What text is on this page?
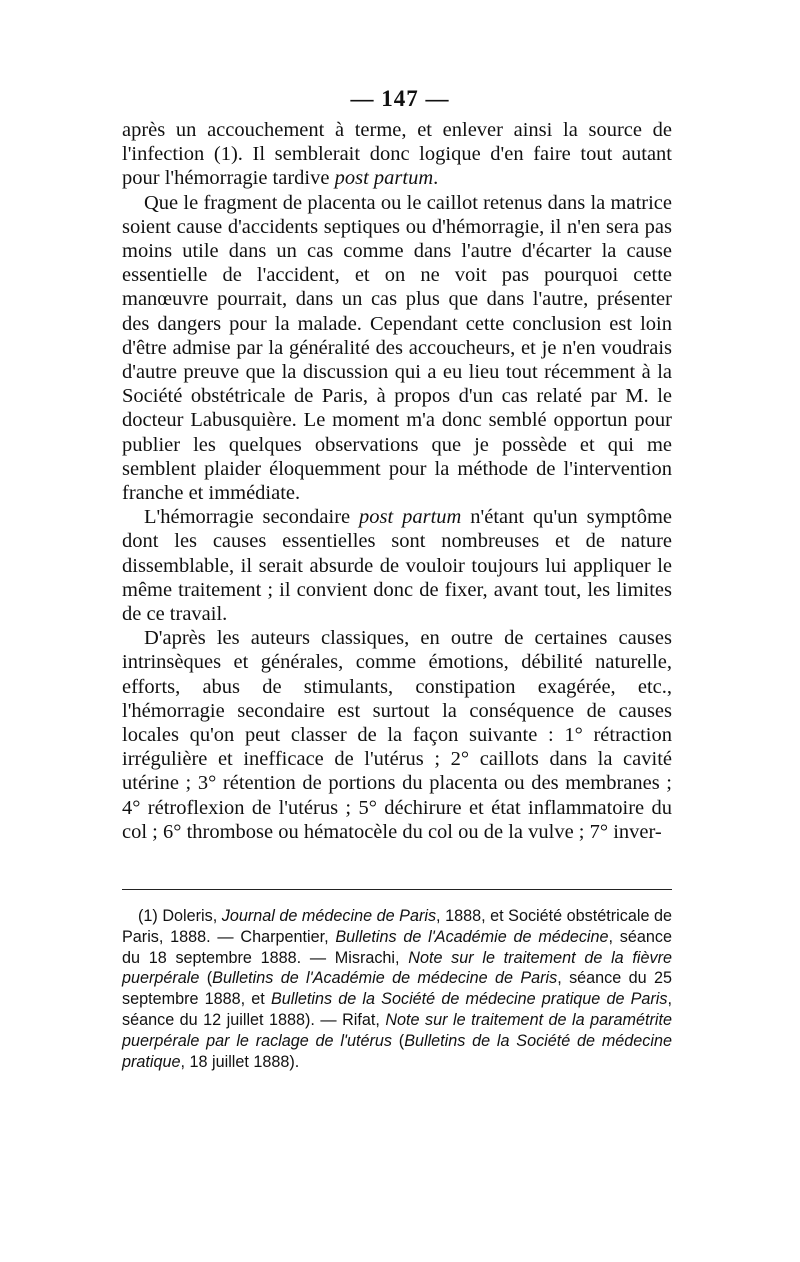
— 147 —

après un accouchement à terme, et enlever ainsi la source de l'infection (1). Il semblerait donc logique d'en faire tout autant pour l'hémorragie tardive post partum.

Que le fragment de placenta ou le caillot retenus dans la matrice soient cause d'accidents septiques ou d'hémorragie, il n'en sera pas moins utile dans un cas comme dans l'autre d'écarter la cause essentielle de l'accident, et on ne voit pas pourquoi cette manœuvre pourrait, dans un cas plus que dans l'autre, présenter des dangers pour la malade. Cependant cette conclusion est loin d'être admise par la généralité des accoucheurs, et je n'en voudrais d'autre preuve que la discussion qui a eu lieu tout récemment à la Société obstétricale de Paris, à propos d'un cas relaté par M. le docteur Labusquière. Le moment m'a donc semblé opportun pour publier les quelques observations que je possède et qui me semblent plaider éloquemment pour la méthode de l'intervention franche et immédiate.

L'hémorragie secondaire post partum n'étant qu'un symptôme dont les causes essentielles sont nombreuses et de nature dissemblable, il serait absurde de vouloir toujours lui appliquer le même traitement ; il convient donc de fixer, avant tout, les limites de ce travail.

D'après les auteurs classiques, en outre de certaines causes intrinsèques et générales, comme émotions, débilité naturelle, efforts, abus de stimulants, constipation exagérée, etc., l'hémorragie secondaire est surtout la conséquence de causes locales qu'on peut classer de la façon suivante : 1° rétraction irrégulière et inefficace de l'utérus ; 2° caillots dans la cavité utérine ; 3° rétention de portions du placenta ou des membranes ; 4° rétroflexion de l'utérus ; 5° déchirure et état inflammatoire du col ; 6° thrombose ou hématocèle du col ou de la vulve ; 7° inver-

(1) Doleris, Journal de médecine de Paris, 1888, et Société obstétricale de Paris, 1888. — Charpentier, Bulletins de l'Académie de médecine, séance du 18 septembre 1888. — Misrachi, Note sur le traitement de la fièvre puerpérale (Bulletins de l'Académie de médecine de Paris, séance du 25 septembre 1888, et Bulletins de la Société de médecine pratique de Paris, séance du 12 juillet 1888). — Rifat, Note sur le traitement de la paramétrite puerpérale par le raclage de l'utérus (Bulletins de la Société de médecine pratique, 18 juillet 1888).
